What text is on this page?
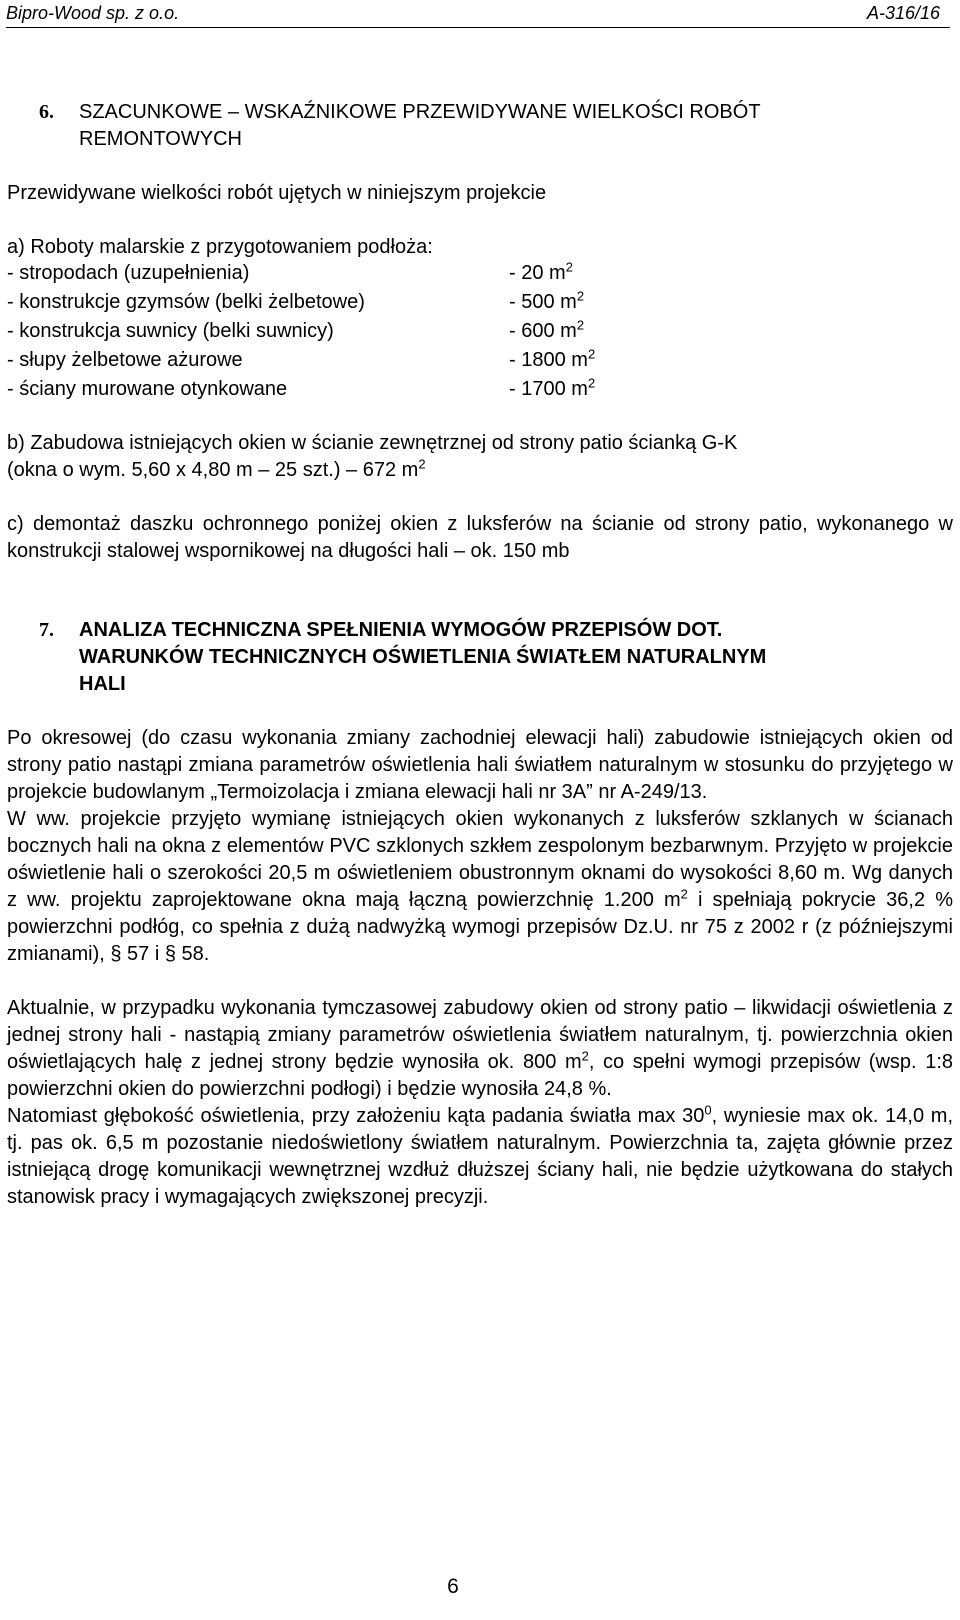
Bipro-Wood sp. z o.o.	A-316/16
6. SZACUNKOWE – WSKAŹNIKOWE PRZEWIDYWANE WIELKOŚCI ROBÓT
REMONTOWYCH

Przewidywane wielkości robót ujętych w niniejszym projekcie

a) Roboty malarskie z przygotowaniem podłoża:

- stropodach (uzupełnienia)	- 20 $m^2$
- konstrukcje gzymsów (belki żelbetowe)	- 500 $m^2$
- konstrukcja suwnicy (belki suwnicy)	- 600 $m^2$
- słupy żelbetowe ażurowe	- 1800 $m^2$
- ściany murowane otynkowane	- 1700 $m^2$

b) Zabudowa istniejących okien w ścianie zewnętrznej od strony patio ścianką G-K

(okna o wym. 5,60 x 4,80 m – 25 szt.) – 672 $m^2$

c) demontaż daszku ochronnego poniżej okien z luksferów na ścianie od strony patio, wykonanego w konstrukcji stalowej wspornikowej na długości hali – ok. 150 mb

7. ANALIZA TECHNICZNA SPEŁNIENIA WYMOGÓW PRZEPISÓW DOT.
WARUNKÓW TECHNICZNYCH OŚWIETLENIA ŚWIATŁEM NATURALNYM
HALI

Po okresowej (do czasu wykonania zmiany zachodniej elewacji hali) zabudowie istniejących okien od strony patio nastąpi zmiana parametrów oświetlenia hali światłem naturalnym w stosunku do przyjętego w projekcie budowlanym „Termoizolacja i zmiana elewacji hali nr 3A” nr A-249/13.

W ww. projekcie przyjęto wymianę istniejących okien wykonanych z luksferów szklanych w ścianach bocznych hali na okna z elementów PVC szklonych szkłem zespolonym bezbarwnym. Przyjęto w projekcie oświetlenie hali o szerokości 20,5 m oświetleniem obustronnym oknami do wysokości 8,60 m. Wg danych z ww. projektu zaprojektowane okna mają łączną powierzchnię 1.200 $m^2$ i spełniają pokrycie 36,2 % powierzchni podłóg, co spełnia z dużą nadwyżką wymogi przepisów Dz.U. nr 75 z 2002 r (z późniejszymi zmianami), § 57 i § 58.

Aktualnie, w przypadku wykonania tymczasowej zabudowy okien od strony patio – likwidacji oświetlenia z jednej strony hali - nastąpią zmiany parametrów oświetlenia światłem naturalnym, tj. powierzchnia okien oświetlających halę z jednej strony będzie wynosiła ok. 800 $m^2$, co spełni wymogi przepisów (wsp. 1:8 powierzchni okien do powierzchni podłogi) i będzie wynosiła 24,8 %.

Natomiast głębokość oświetlenia, przy założeniu kąta padania światła $\max 30^0$, wyniesie max ok. 14,0 m, tj. pas ok. 6,5 m pozostanie niedoświetlony światłem naturalnym. Powierzchnia ta, zajęta głównie przez istniejącą drogę komunikacji wewnętrznej wzdłuż dłuższej ściany hali, nie będzie użytkowana do stałych stanowisk pracy i wymagających zwiększonej precyzji.

6
